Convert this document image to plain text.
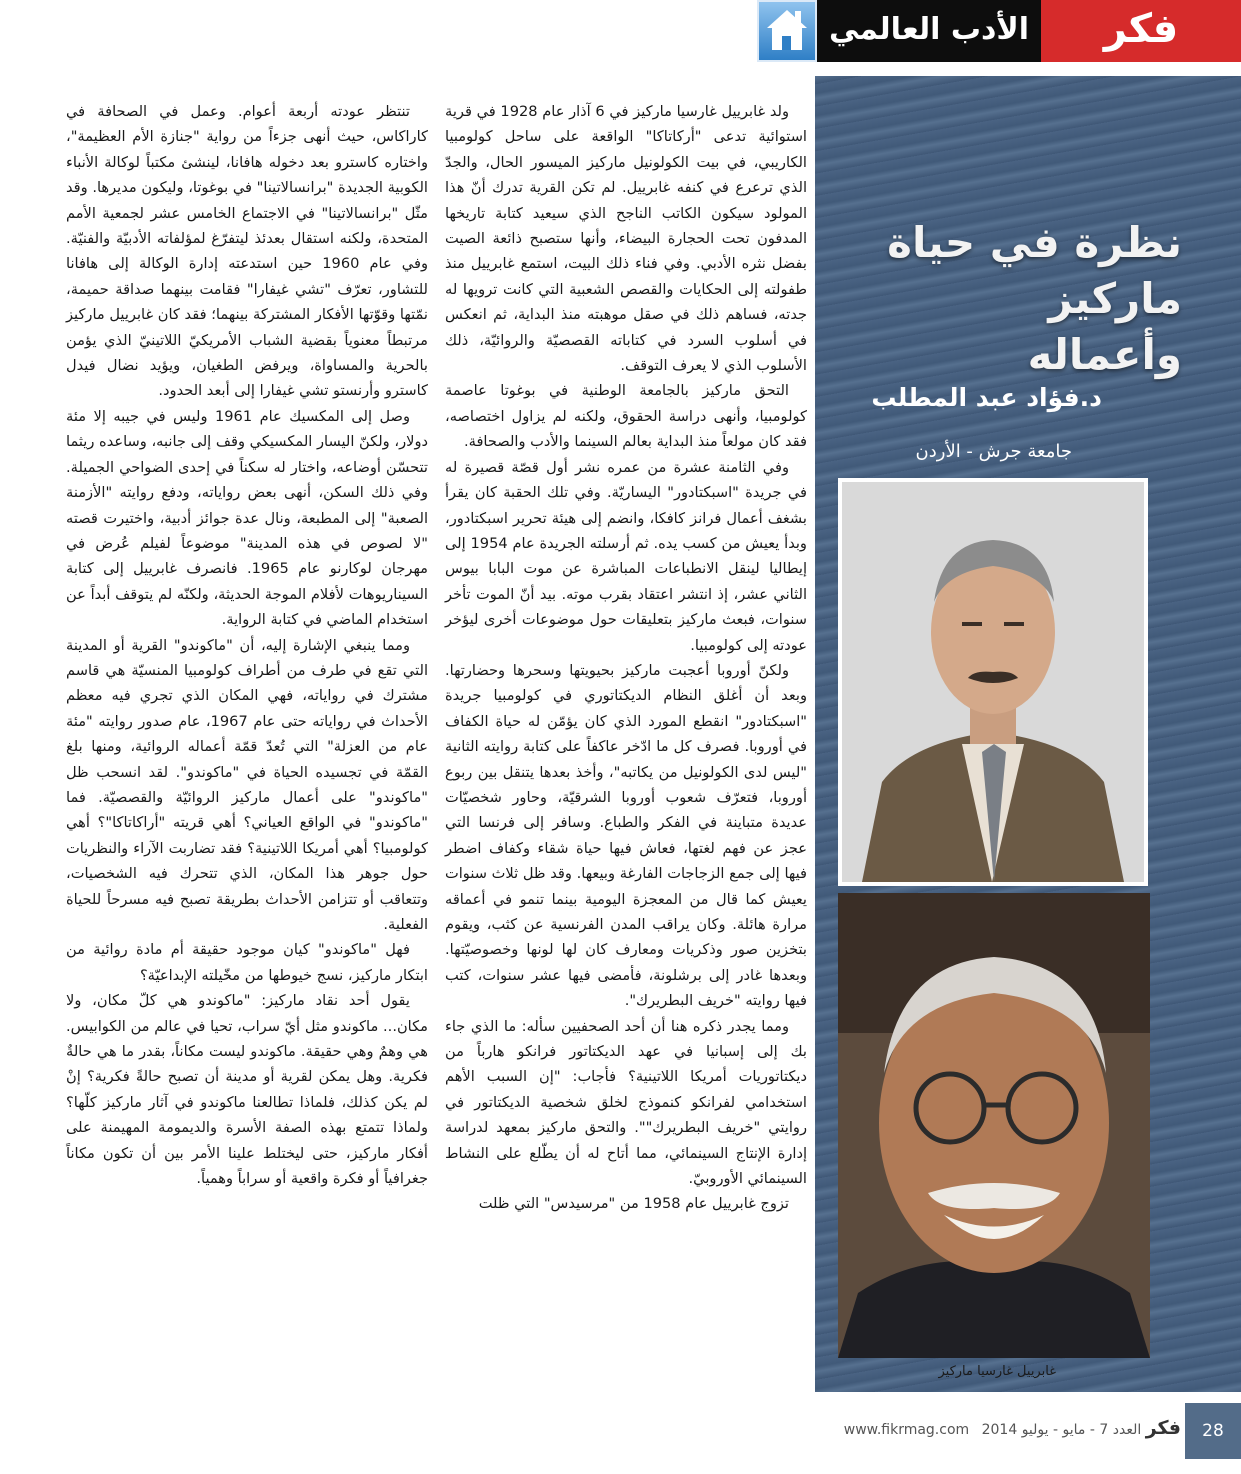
الأدب العالمي	فكر
نظرة في حياة ماركيز
وأعماله
د.فؤاد عبد المطلب
جامعة جرش - الأردن
غابرييل غارسيا ماركيز

ولد غابرييل غارسيا ماركيز في 6 آذار عام 1928 في قرية استوائية تدعى "أركاتاكا" الواقعة على ساحل كولومبيا الكاريبي، في بيت الكولونيل ماركيز الميسور الحال، والجدّ الذي ترعرع في كنفه غابرييل. لم تكن القرية تدرك أنّ هذا المولود سيكون الكاتب الناجح الذي سيعيد كتابة تاريخها المدفون تحت الحجارة البيضاء، وأنها ستصبح ذائعة الصيت بفضل نثره الأدبي. وفي فناء ذلك البيت، استمع غابرييل منذ طفولته إلى الحكايات والقصص الشعبية التي كانت ترويها له جدته، فساهم ذلك في صقل موهبته منذ البداية، ثم انعكس في أسلوب السرد في كتاباته القصصيّة والروائيّة، ذلك الأسلوب الذي لا يعرف التوقف.

التحق ماركيز بالجامعة الوطنية في بوغوتا عاصمة كولومبيا، وأنهى دراسة الحقوق، ولكنه لم يزاول اختصاصه، فقد كان مولعاً منذ البداية بعالم السينما والأدب والصحافة.

وفي الثامنة عشرة من عمره نشر أول قصّة قصيرة له في جريدة "اسبكتادور" اليساريّة. وفي تلك الحقبة كان يقرأ بشغف أعمال فرانز كافكا، وانضم إلى هيئة تحرير اسبكتادور، وبدأ يعيش من كسب يده. ثم أرسلته الجريدة عام 1954 إلى إيطاليا لينقل الانطباعات المباشرة عن موت البابا بيوس الثاني عشر، إذ انتشر اعتقاد بقرب موته. بيد أنّ الموت تأخر سنوات، فبعث ماركيز بتعليقات حول موضوعات أخرى ليؤخر عودته إلى كولومبيا.

ولكنّ أوروبا أعجبت ماركيز بحيويتها وسحرها وحضارتها. وبعد أن أغلق النظام الديكتاتوري في كولومبيا جريدة "اسبكتادور" انقطع المورد الذي كان يؤمّن له حياة الكفاف في أوروبا. فصرف كل ما ادّخر عاكفاً على كتابة روايته الثانية "ليس لدى الكولونيل من يكاتبه"، وأخذ بعدها يتنقل بين ربوع أوروبا، فتعرّف شعوب أوروبا الشرقيّة، وحاور شخصيّات عديدة متباينة في الفكر والطباع. وسافر إلى فرنسا التي عجز عن فهم لغتها، فعاش فيها حياة شقاء وكفاف اضطر فيها إلى جمع الزجاجات الفارغة وبيعها. وقد ظل ثلاث سنوات يعيش كما قال من المعجزة اليومية بينما تنمو في أعماقه مرارة هائلة. وكان يراقب المدن الفرنسية عن كثب، ويقوم بتخزين صور وذكريات ومعارف كان لها لونها وخصوصيّتها. وبعدها غادر إلى برشلونة، فأمضى فيها عشر سنوات، كتب فيها روايته "خريف البطريرك".

ومما يجدر ذكره هنا أن أحد الصحفيين سأله: ما الذي جاء بك إلى إسبانيا في عهد الديكتاتور فرانكو هارباً من ديكتاتوريات أمريكا اللاتينية؟ فأجاب: "إن السبب الأهم استخدامي لفرانكو كنموذج لخلق شخصية الديكتاتور في روايتي "خريف البطريرك"". والتحق ماركيز بمعهد لدراسة إدارة الإنتاج السينمائي، مما أتاح له أن يطّلع على النشاط السينمائي الأوروبيّ.

تزوج غابرييل عام 1958 من "مرسيدس" التي ظلت

تنتظر عودته أربعة أعوام. وعمل في الصحافة في كاراكاس، حيث أنهى جزءاً من رواية "جنازة الأم العظيمة"، واختاره كاسترو بعد دخوله هافانا، لينشئ مكتباً لوكالة الأنباء الكوبية الجديدة "برانسالاتينا" في بوغوتا، وليكون مديرها. وقد مثّل "برانسالاتينا" في الاجتماع الخامس عشر لجمعية الأمم المتحدة، ولكنه استقال بعدئذ ليتفرّغ لمؤلفاته الأدبيّة والفنيّة. وفي عام 1960 حين استدعته إدارة الوكالة إلى هافانا للتشاور، تعرّف "تشي غيفارا" فقامت بينهما صداقة حميمة، نمّتها وقوّتها الأفكار المشتركة بينهما؛ فقد كان غابرييل ماركيز مرتبطاً معنوياً بقضية الشباب الأمريكيّ اللاتينيّ الذي يؤمن بالحرية والمساواة، ويرفض الطغيان، ويؤيد نضال فيدل كاسترو وأرنستو تشي غيفارا إلى أبعد الحدود.

وصل إلى المكسيك عام 1961 وليس في جيبه إلا مئة دولار، ولكنّ اليسار المكسيكي وقف إلى جانبه، وساعده ريثما تتحسّن أوضاعه، واختار له سكناً في إحدى الضواحي الجميلة. وفي ذلك السكن، أنهى بعض رواياته، ودفع روايته "الأزمنة الصعبة" إلى المطبعة، ونال عدة جوائز أدبية، واختيرت قصته "لا لصوص في هذه المدينة" موضوعاً لفيلم عُرض في مهرجان لوكارنو عام 1965. فانصرف غابرييل إلى كتابة السيناريوهات لأفلام الموجة الحديثة، ولكنّه لم يتوقف أبداً عن استخدام الماضي في كتابة الرواية.

ومما ينبغي الإشارة إليه، أن "ماكوندو" القرية أو المدينة التي تقع في طرف من أطراف كولومبيا المنسيّة هي قاسم مشترك في رواياته، فهي المكان الذي تجري فيه معظم الأحداث في رواياته حتى عام 1967، عام صدور روايته "مئة عام من العزلة" التي تُعدّ قمّة أعماله الروائية، ومنها بلغ القمّة في تجسيده الحياة في "ماكوندو". لقد انسحب ظل "ماكوندو" على أعمال ماركيز الروائيّة والقصصيّة. فما "ماكوندو" في الواقع العياني؟ أهي قريته "أراكاتاكا"؟ أهي كولومبيا؟ أهي أمريكا اللاتينية؟ فقد تضاربت الآراء والنظريات حول جوهر هذا المكان، الذي تتحرك فيه الشخصيات، وتتعاقب أو تتزامن الأحداث بطريقة تصبح فيه مسرحاً للحياة الفعلية.

فهل "ماكوندو" كيان موجود حقيقة أم مادة روائية من ابتكار ماركيز، نسج خيوطها من مخّيلته الإبداعيّة؟

يقول أحد نقاد ماركيز: "ماكوندو هي كلّ مكان، ولا مكان... ماكوندو مثل أيّ سراب، تحيا في عالم من الكوابيس. هي وهمٌ وهي حقيقة. ماكوندو ليست مكاناً، بقدر ما هي حالةٌ فكرية. وهل يمكن لقرية أو مدينة أن تصبح حالةً فكرية؟ إنْ لم يكن كذلك، فلماذا تطالعنا ماكوندو في آثار ماركيز كلّها؟ ولماذا تتمتع بهذه الصفة الأسرة والديمومة المهيمنة على أفكار ماركيز، حتى ليختلط علينا الأمر بين أن تكون مكاناً جغرافياً أو فكرة واقعية أو سراباً وهمياً.

28
فكر العدد 7 - مايو - يوليو 2014 www.fikrmag.com
